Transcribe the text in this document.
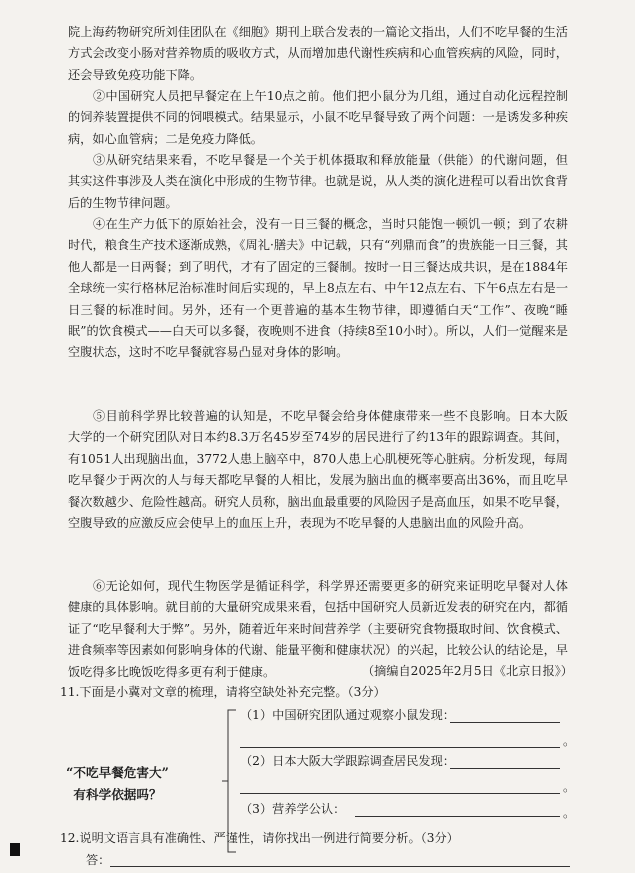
院上海药物研究所刘佳团队在《细胞》期刊上联合发表的一篇论文指出，人们不吃早餐的生活方式会改变小肠对营养物质的吸收方式，从而增加患代谢性疾病和心血管疾病的风险，同时，还会导致免疫功能下降。

②中国研究人员把早餐定在上午10点之前。他们把小鼠分为几组，通过自动化远程控制的饲养装置提供不同的饲喂模式。结果显示，小鼠不吃早餐导致了两个问题：一是诱发多种疾病，如心血管病；二是免疫力降低。

③从研究结果来看，不吃早餐是一个关于机体摄取和释放能量（供能）的代谢问题，但其实这件事涉及人类在演化中形成的生物节律。也就是说，从人类的演化进程可以看出饮食背后的生物节律问题。

④在生产力低下的原始社会，没有一日三餐的概念，当时只能饱一顿饥一顿；到了农耕时代，粮食生产技术逐渐成熟，《周礼·膳夫》中记载，只有“列鼎而食”的贵族能一日三餐，其他人都是一日两餐；到了明代，才有了固定的三餐制。按时一日三餐达成共识，是在1884年全球统一实行格林尼治标准时间后实现的，早上8点左右、中午12点左右、下午6点左右是一日三餐的标准时间。另外，还有一个更普遍的基本生物节律，即遵循白天“工作”、夜晚“睡眠”的饮食模式——白天可以多餐，夜晚则不进食（持续8至10小时）。所以，人们一觉醒来是空腹状态，这时不吃早餐就容易凸显对身体的影响。

⑤目前科学界比较普遍的认知是，不吃早餐会给身体健康带来一些不良影响。日本大阪大学的一个研究团队对日本约8.3万名45岁至74岁的居民进行了约13年的跟踪调查。其间，有1051人出现脑出血，3772人患上脑卒中，870人患上心肌梗死等心脏病。分析发现，每周吃早餐少于两次的人与每天都吃早餐的人相比，发展为脑出血的概率要高出36%，而且吃早餐次数越少、危险性越高。研究人员称，脑出血最重要的风险因子是高血压，如果不吃早餐，空腹导致的应激反应会使早上的血压上升，表现为不吃早餐的人患脑出血的风险升高。

⑥无论如何，现代生物医学是循证科学，科学界还需要更多的研究来证明吃早餐对人体健康的具体影响。就目前的大量研究成果来看，包括中国研究人员新近发表的研究在内，都循证了“吃早餐利大于弊”。另外，随着近年来时间营养学（主要研究食物摄取时间、饮食模式、进食频率等因素如何影响身体的代谢、能量平衡和健康状况）的兴起，比较公认的结论是，早饭吃得多比晚饭吃得多更有利于健康。	（摘编自2025年2月5日《北京日报》）
11.下面是小冀对文章的梳理，请将空缺处补充完整。（3分）
“不吃早餐危害大”
有科学依据吗？
（1）中国研究团队通过观察小鼠发现：
。
（2）日本大阪大学跟踪调查居民发现：
。
（3）营养学公认：	。
12.说明文语言具有准确性、严谨性，请你找出一例进行简要分析。（3分）
答：
